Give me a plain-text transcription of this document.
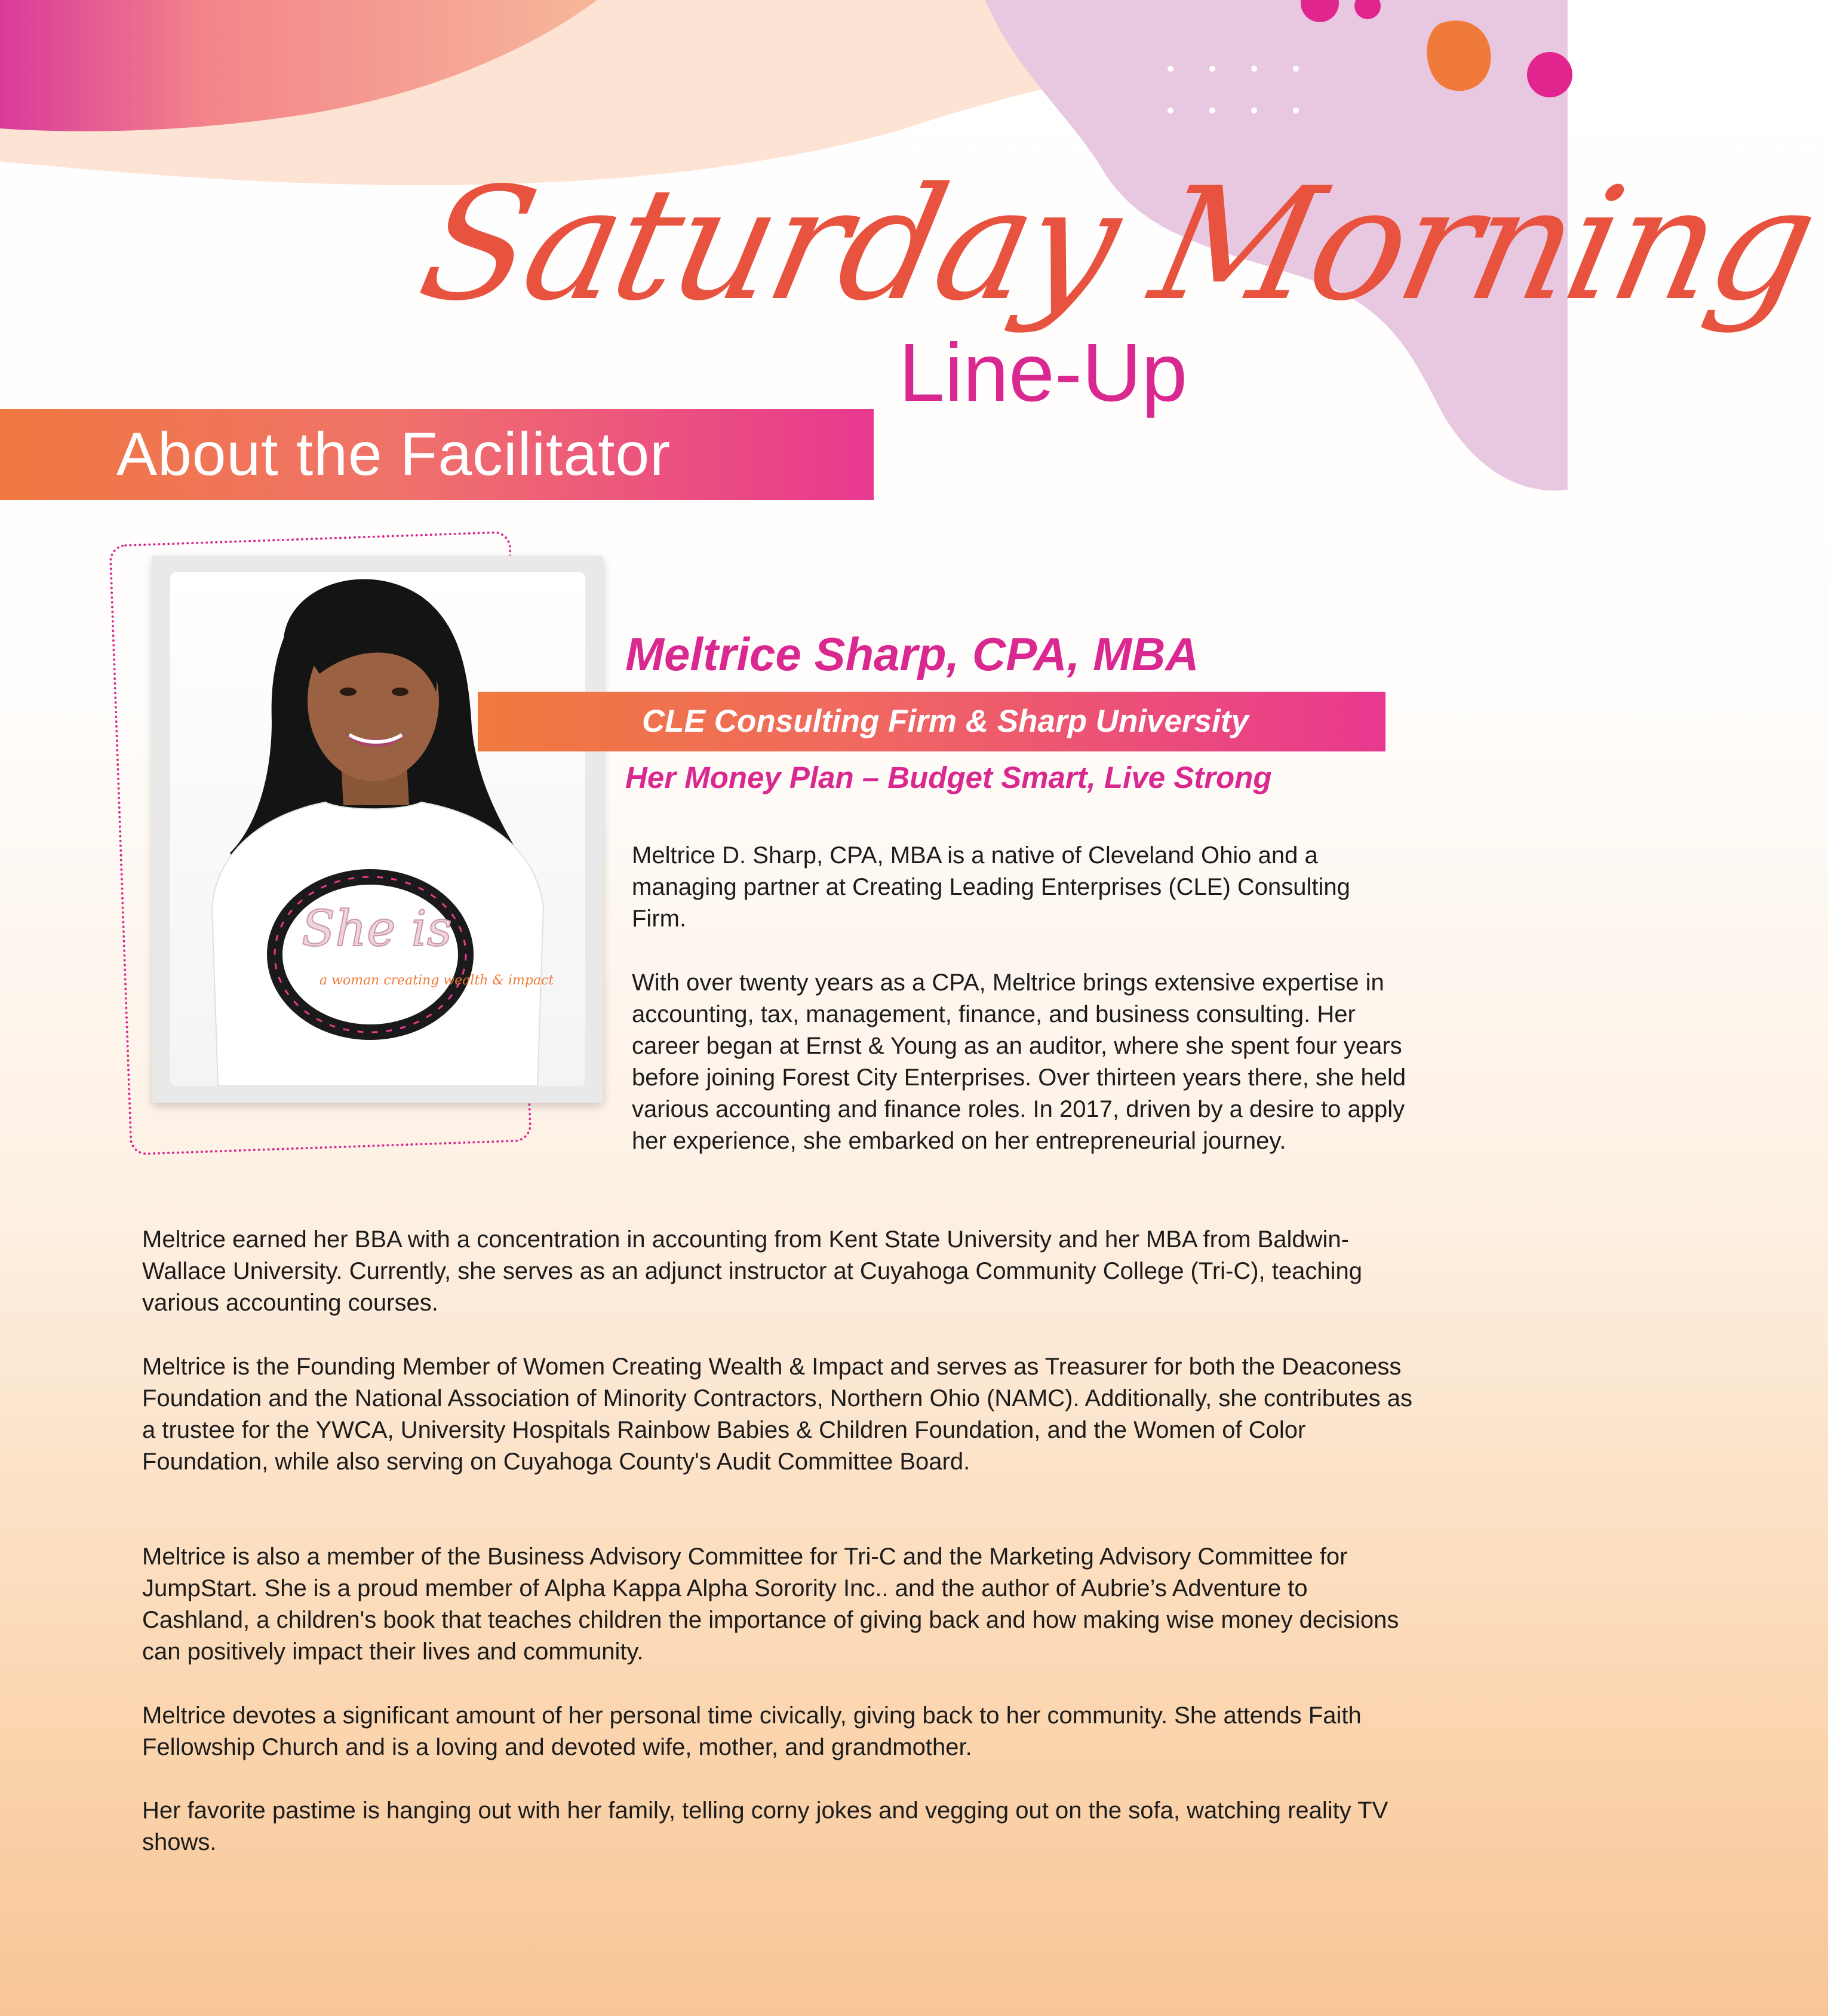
Saturday Morning
Line-Up
About the Facilitator
She is
a woman creating wealth & impact
Meltrice Sharp, CPA, MBA
CLE Consulting Firm & Sharp University
Her Money Plan – Budget Smart, Live Strong

Meltrice D. Sharp, CPA, MBA is a native of Cleveland Ohio and a managing partner at Creating Leading Enterprises (CLE) Consulting Firm.

With over twenty years as a CPA, Meltrice brings extensive expertise in accounting, tax, management, finance, and business consulting. Her career began at Ernst & Young as an auditor, where she spent four years before joining Forest City Enterprises. Over thirteen years there, she held various accounting and finance roles. In 2017, driven by a desire to apply her experience, she embarked on her entrepreneurial journey.

Meltrice earned her BBA with a concentration in accounting from Kent State University and her MBA from Baldwin-Wallace University. Currently, she serves as an adjunct instructor at Cuyahoga Community College (Tri-C), teaching various accounting courses.

Meltrice is the Founding Member of Women Creating Wealth & Impact and serves as Treasurer for both the Deaconess Foundation and the National Association of Minority Contractors, Northern Ohio (NAMC). Additionally, she contributes as a trustee for the YWCA, University Hospitals Rainbow Babies & Children Foundation, and the Women of Color Foundation, while also serving on Cuyahoga County's Audit Committee Board.

Meltrice is also a member of the Business Advisory Committee for Tri-C and the Marketing Advisory Committee for JumpStart. She is a proud member of Alpha Kappa Alpha Sorority Inc.. and the author of Aubrie’s Adventure to Cashland, a children's book that teaches children the importance of giving back and how making wise money decisions can positively impact their lives and community.

Meltrice devotes a significant amount of her personal time civically, giving back to her community. She attends Faith Fellowship Church and is a loving and devoted wife, mother, and grandmother.

Her favorite pastime is hanging out with her family, telling corny jokes and vegging out on the sofa, watching reality TV shows.
